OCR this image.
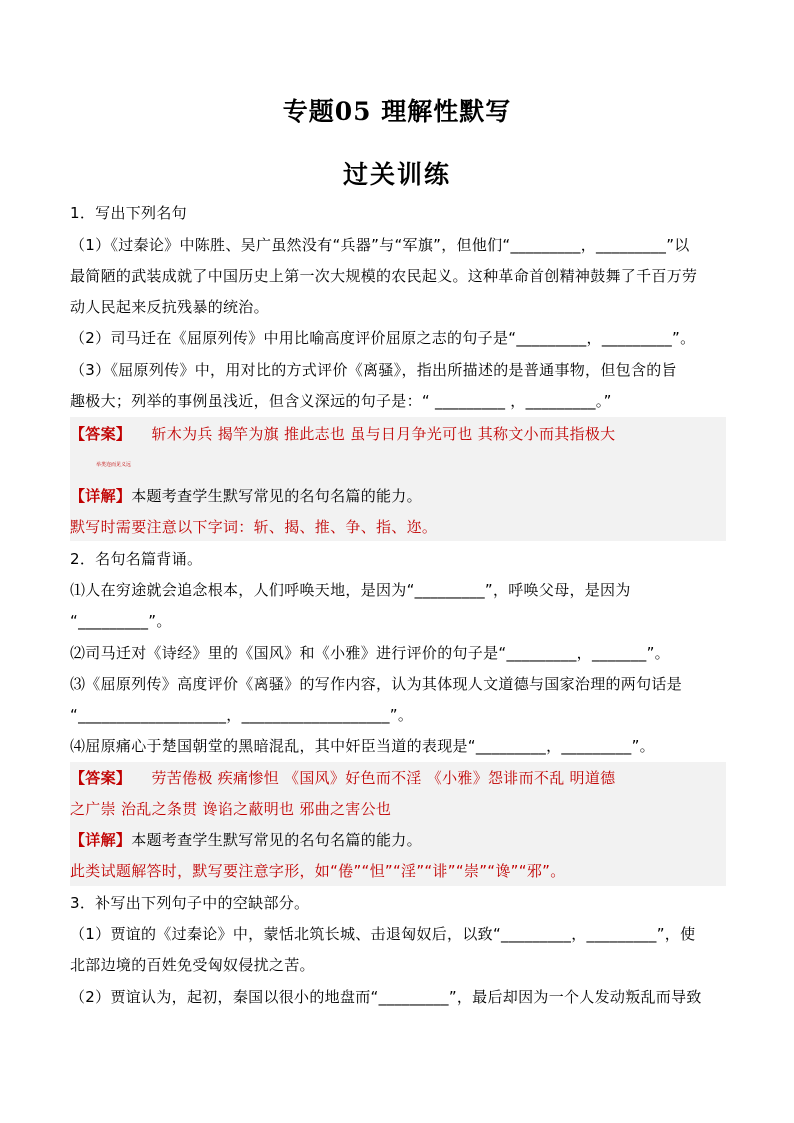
专题05 理解性默写
过关训练
1．写出下列名句
（1）《过秦论》中陈胜、吴广虽然没有“兵器”与“军旗”，但他们“_________，_________”以
最简陋的武装成就了中国历史上第一次大规模的农民起义。这种革命首创精神鼓舞了千百万劳
动人民起来反抗残暴的统治。
（2）司马迁在《屈原列传》中用比喻高度评价屈原之志的句子是“_________，_________”。
（3）《屈原列传》中，用对比的方式评价《离骚》，指出所描述的是普通事物，但包含的旨
趣极大；列举的事例虽浅近，但含义深远的句子是：“ _________ ，_________。”
【答案】 斩木为兵 揭竿为旗 推此志也 虽与日月争光可也 其称文小而其指极大
举类迩而见义远
【详解】本题考查学生默写常见的名句名篇的能力。
默写时需要注意以下字词：斩、揭、推、争、指、迩。
2．名句名篇背诵。
⑴人在穷途就会追念根本，人们呼唤天地，是因为“_________”，呼唤父母，是因为
“_________”。
⑵司马迁对《诗经》里的《国风》和《小雅》进行评价的句子是“_________，_______”。
⑶《屈原列传》高度评价《离骚》的写作内容，认为其体现人文道德与国家治理的两句话是
“___________________，___________________”。
⑷屈原痛心于楚国朝堂的黑暗混乱，其中奸臣当道的表现是“_________，_________”。
【答案】 劳苦倦极 疾痛惨怛 《国风》好色而不淫 《小雅》怨诽而不乱 明道德
之广崇 治乱之条贯 谗谄之蔽明也 邪曲之害公也
【详解】本题考查学生默写常见的名句名篇的能力。
此类试题解答时，默写要注意字形，如“倦”“怛”“淫”“诽”“崇”“谗”“邪”。
3．补写出下列句子中的空缺部分。
（1）贾谊的《过秦论》中，蒙恬北筑长城、击退匈奴后，以致“_________，_________”，使
北部边境的百姓免受匈奴侵扰之苦。
（2）贾谊认为，起初，秦国以很小的地盘而“_________”，最后却因为一个人发动叛乱而导致
